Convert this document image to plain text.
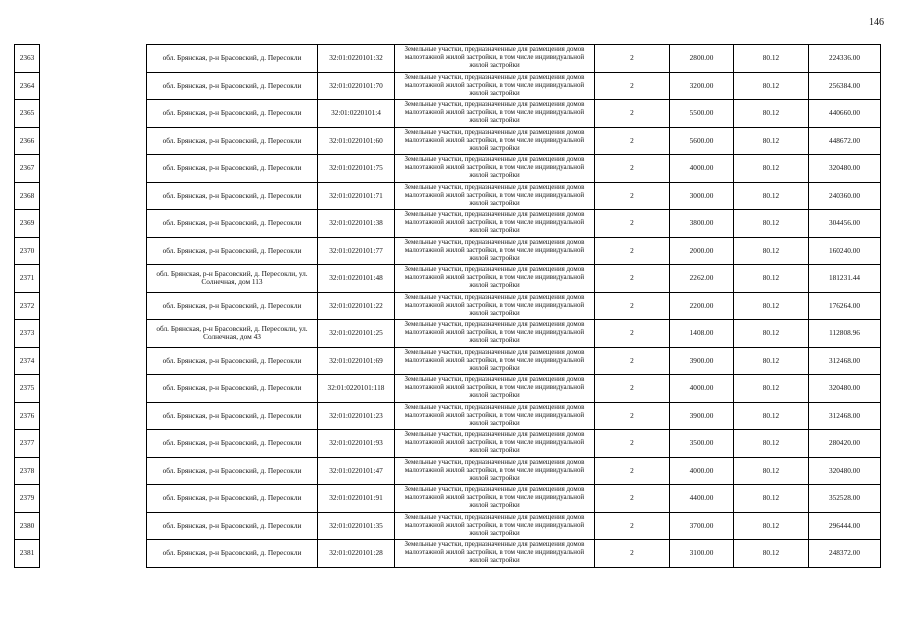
146
2363		обл. Брянская, р-н Брасовский, д. Пересокли	32:01:0220101:32	Земельные участки, предназначенные для размещения домов малоэтажной жилой застройки, в том числе индивидуальной жилой застройки	2	2800.00	80.12	224336.00
2364		обл. Брянская, р-н Брасовский, д. Пересокли	32:01:0220101:70	Земельные участки, предназначенные для размещения домов малоэтажной жилой застройки, в том числе индивидуальной жилой застройки	2	3200.00	80.12	256384.00
2365		обл. Брянская, р-н Брасовский, д. Пересокли	32:01:0220101:4	Земельные участки, предназначенные для размещения домов малоэтажной жилой застройки, в том числе индивидуальной жилой застройки	2	5500.00	80.12	440660.00
2366		обл. Брянская, р-н Брасовский, д. Пересокли	32:01:0220101:60	Земельные участки, предназначенные для размещения домов малоэтажной жилой застройки, в том числе индивидуальной жилой застройки	2	5600.00	80.12	448672.00
2367		обл. Брянская, р-н Брасовский, д. Пересокли	32:01:0220101:75	Земельные участки, предназначенные для размещения домов малоэтажной жилой застройки, в том числе индивидуальной жилой застройки	2	4000.00	80.12	320480.00
2368		обл. Брянская, р-н Брасовский, д. Пересокли	32:01:0220101:71	Земельные участки, предназначенные для размещения домов малоэтажной жилой застройки, в том числе индивидуальной жилой застройки	2	3000.00	80.12	240360.00
2369		обл. Брянская, р-н Брасовский, д. Пересокли	32:01:0220101:38	Земельные участки, предназначенные для размещения домов малоэтажной жилой застройки, в том числе индивидуальной жилой застройки	2	3800.00	80.12	304456.00
2370		обл. Брянская, р-н Брасовский, д. Пересокли	32:01:0220101:77	Земельные участки, предназначенные для размещения домов малоэтажной жилой застройки, в том числе индивидуальной жилой застройки	2	2000.00	80.12	160240.00
2371		обл. Брянская, р-н Брасовский, д. Пересокли, ул. Солнечная, дом 113	32:01:0220101:48	Земельные участки, предназначенные для размещения домов малоэтажной жилой застройки, в том числе индивидуальной жилой застройки	2	2262.00	80.12	181231.44
2372		обл. Брянская, р-н Брасовский, д. Пересокли	32:01:0220101:22	Земельные участки, предназначенные для размещения домов малоэтажной жилой застройки, в том числе индивидуальной жилой застройки	2	2200.00	80.12	176264.00
2373		обл. Брянская, р-н Брасовский, д. Пересокли, ул. Солнечная, дом 43	32:01:0220101:25	Земельные участки, предназначенные для размещения домов малоэтажной жилой застройки, в том числе индивидуальной жилой застройки	2	1408.00	80.12	112808.96
2374		обл. Брянская, р-н Брасовский, д. Пересокли	32:01:0220101:69	Земельные участки, предназначенные для размещения домов малоэтажной жилой застройки, в том числе индивидуальной жилой застройки	2	3900.00	80.12	312468.00
2375		обл. Брянская, р-н Брасовский, д. Пересокли	32:01:0220101:118	Земельные участки, предназначенные для размещения домов малоэтажной жилой застройки, в том числе индивидуальной жилой застройки	2	4000.00	80.12	320480.00
2376		обл. Брянская, р-н Брасовский, д. Пересокли	32:01:0220101:23	Земельные участки, предназначенные для размещения домов малоэтажной жилой застройки, в том числе индивидуальной жилой застройки	2	3900.00	80.12	312468.00
2377		обл. Брянская, р-н Брасовский, д. Пересокли	32:01:0220101:93	Земельные участки, предназначенные для размещения домов малоэтажной жилой застройки, в том числе индивидуальной жилой застройки	2	3500.00	80.12	280420.00
2378		обл. Брянская, р-н Брасовский, д. Пересокли	32:01:0220101:47	Земельные участки, предназначенные для размещения домов малоэтажной жилой застройки, в том числе индивидуальной жилой застройки	2	4000.00	80.12	320480.00
2379		обл. Брянская, р-н Брасовский, д. Пересокли	32:01:0220101:91	Земельные участки, предназначенные для размещения домов малоэтажной жилой застройки, в том числе индивидуальной жилой застройки	2	4400.00	80.12	352528.00
2380		обл. Брянская, р-н Брасовский, д. Пересокли	32:01:0220101:35	Земельные участки, предназначенные для размещения домов малоэтажной жилой застройки, в том числе индивидуальной жилой застройки	2	3700.00	80.12	296444.00
2381		обл. Брянская, р-н Брасовский, д. Пересокли	32:01:0220101:28	Земельные участки, предназначенные для размещения домов малоэтажной жилой застройки, в том числе индивидуальной жилой застройки	2	3100.00	80.12	248372.00
